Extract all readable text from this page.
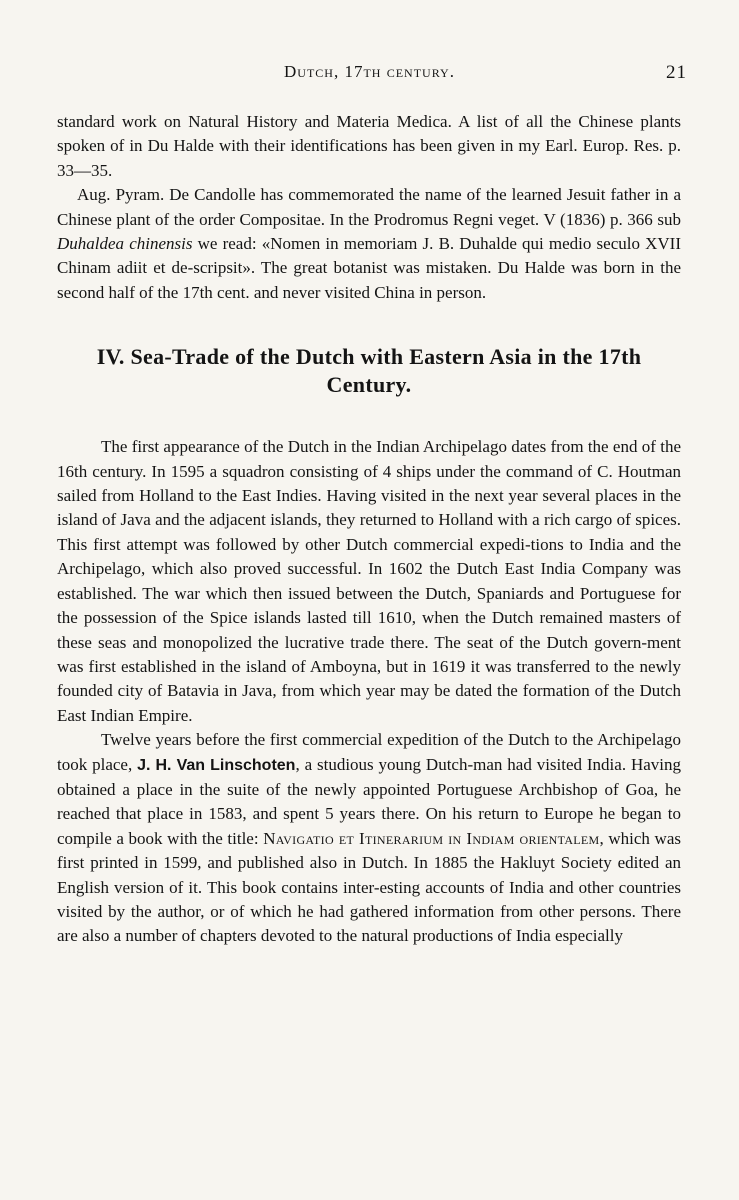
Dutch, 17th century.	21

standard work on Natural History and Materia Medica. A list of all the Chinese plants spoken of in Du Halde with their identifications has been given in my Earl. Europ. Res. p. 33—35.

Aug. Pyram. De Candolle has commemorated the name of the learned Jesuit father in a Chinese plant of the order Compositae. In the Prodromus Regni veget. V (1836) p. 366 sub Duhaldea chinensis we read: «Nomen in memoriam J. B. Duhalde qui medio seculo XVII Chinam adiit et de-scripsit». The great botanist was mistaken. Du Halde was born in the second half of the 17th cent. and never visited China in person.

IV. Sea-Trade of the Dutch with Eastern Asia in the 17th Century.

The first appearance of the Dutch in the Indian Archipelago dates from the end of the 16th century. In 1595 a squadron consisting of 4 ships under the command of C. Houtman sailed from Holland to the East Indies. Having visited in the next year several places in the island of Java and the adjacent islands, they returned to Holland with a rich cargo of spices. This first attempt was followed by other Dutch commercial expedi-tions to India and the Archipelago, which also proved successful. In 1602 the Dutch East India Company was established. The war which then issued between the Dutch, Spaniards and Portuguese for the possession of the Spice islands lasted till 1610, when the Dutch remained masters of these seas and monopolized the lucrative trade there. The seat of the Dutch govern-ment was first established in the island of Amboyna, but in 1619 it was transferred to the newly founded city of Batavia in Java, from which year may be dated the formation of the Dutch East Indian Empire.

Twelve years before the first commercial expedition of the Dutch to the Archipelago took place, J. H. Van Linschoten, a studious young Dutch-man had visited India. Having obtained a place in the suite of the newly appointed Portuguese Archbishop of Goa, he reached that place in 1583, and spent 5 years there. On his return to Europe he began to compile a book with the title: Navigatio et Itinerarium in Indiam orientalem, which was first printed in 1599, and published also in Dutch. In 1885 the Hakluyt Society edited an English version of it. This book contains inter-esting accounts of India and other countries visited by the author, or of which he had gathered information from other persons. There are also a number of chapters devoted to the natural productions of India especially
